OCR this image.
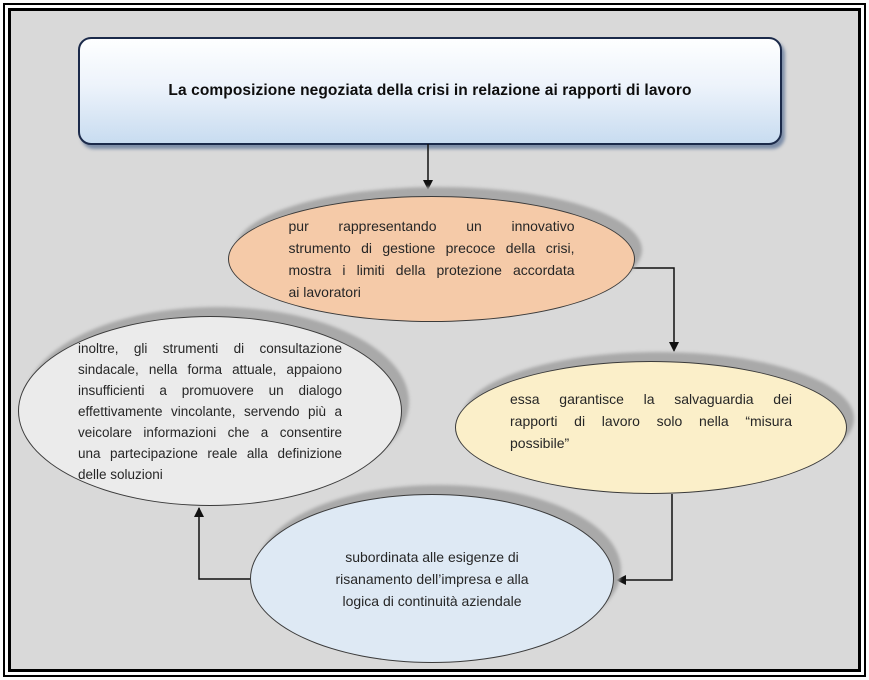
La composizione negoziata della crisi in relazione ai rapporti di lavoro
pur rappresentando un innovativo
strumento di gestione precoce della crisi,
mostra i limiti della protezione accordata
ai lavoratori
inoltre, gli strumenti di consultazione
sindacale, nella forma attuale, appaiono
insufficienti a promuovere un dialogo
effettivamente vincolante, servendo più a
veicolare informazioni che a consentire
una partecipazione reale alla definizione
delle soluzioni
essa garantisce la salvaguardia dei
rapporti di lavoro solo nella “misura
possibile”
subordinata alle esigenze di
risanamento dell’impresa e alla
logica di continuità aziendale
